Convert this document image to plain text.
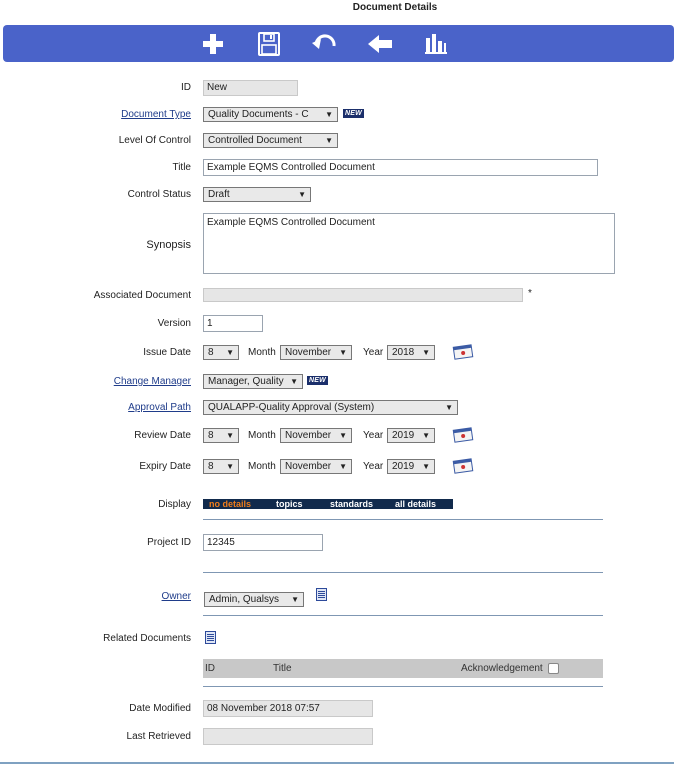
Document Details
ID	New
Document Type	Quality Documents - C ▼ NEW
Level Of Control	Controlled Document	▼
Title	Example EQMS Controlled Document
Control Status	Draft	▼
Synopsis
Example EQMS Controlled Document
Associated Document	*
Version	1
Issue Date	8 ▼ Month November ▼ Year 2018 ▼
Change Manager	Manager, Quality ▼ NEW
Approval Path	QUALAPP-Quality Approval (System)	▼
Review Date	8 ▼ Month November ▼ Year 2019 ▼
Expiry Date	8 ▼ Month November ▼ Year 2019 ▼
Display no details	topics	standards all details
Project ID	12345
Owner	Admin, Qualsys ▼
Related Documents
ID	Title	Acknowledgement
Date Modified	08 November 2018 07:57
Last Retrieved
